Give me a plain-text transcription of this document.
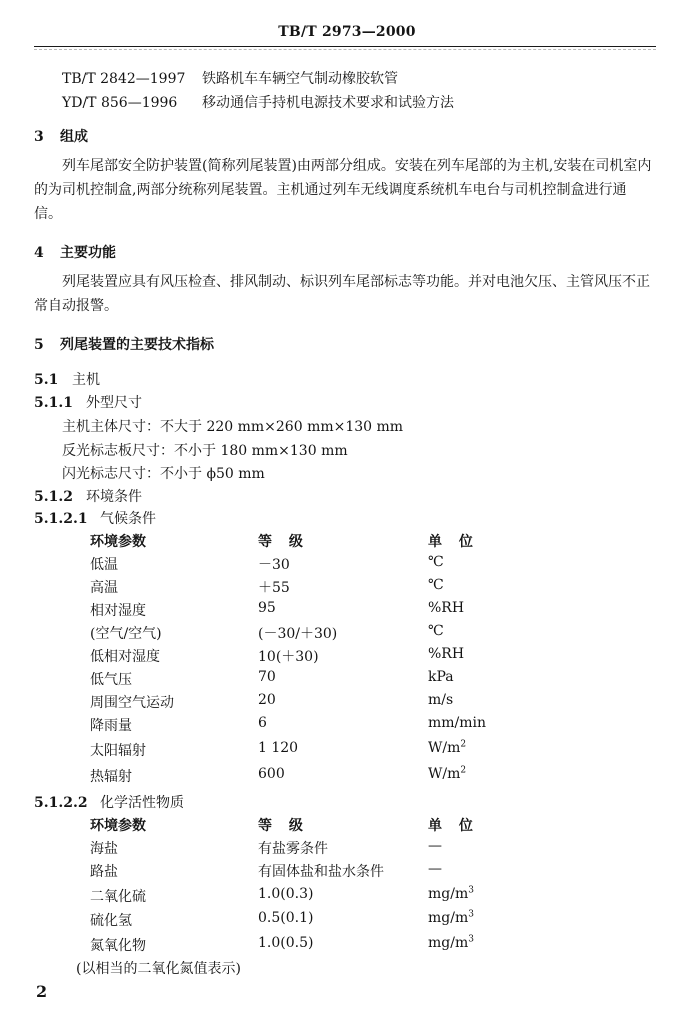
TB/T 2973—2000
TB/T 2842—1997 铁路机车车辆空气制动橡胶软管
YD/T 856—1996 移动通信手持机电源技术要求和试验方法
3 组成
列车尾部安全防护装置(简称列尾装置)由两部分组成。安装在列车尾部的为主机,安装在司机室内的为司机控制盒,两部分统称列尾装置。主机通过列车无线调度系统机车电台与司机控制盒进行通信。
4 主要功能
列尾装置应具有风压检查、排风制动、标识列车尾部标志等功能。并对电池欠压、主管风压不正常自动报警。
5 列尾装置的主要技术指标
5.1 主机
5.1.1 外型尺寸
主机主体尺寸：不大于 220 mm×260 mm×130 mm
反光标志板尺寸：不小于 180 mm×130 mm
闪光标志尺寸：不小于 ϕ50 mm
5.1.2 环境条件
5.1.2.1 气候条件
环境参数	等 级	单 位
低温	－30	℃
高温	＋55	℃
相对湿度	95	%RH
(空气/空气)	(－30/＋30)	℃
低相对湿度	10(＋30)	%RH
低气压	70	kPa
周围空气运动	20	m/s
降雨量	6	mm/min
太阳辐射	1 120	$W/m^2$
热辐射	600	$W/m^2$
5.1.2.2 化学活性物质
环境参数	等 级	单 位
海盐	有盐雾条件	—
路盐	有固体盐和盐水条件	—
二氧化硫	1.0(0.3)	$mg/m^3$
硫化氢	0.5(0.1)	$mg/m^3$
氮氧化物	1.0(0.5)	$mg/m^3$
(以相当的二氧化氮值表示)
2
